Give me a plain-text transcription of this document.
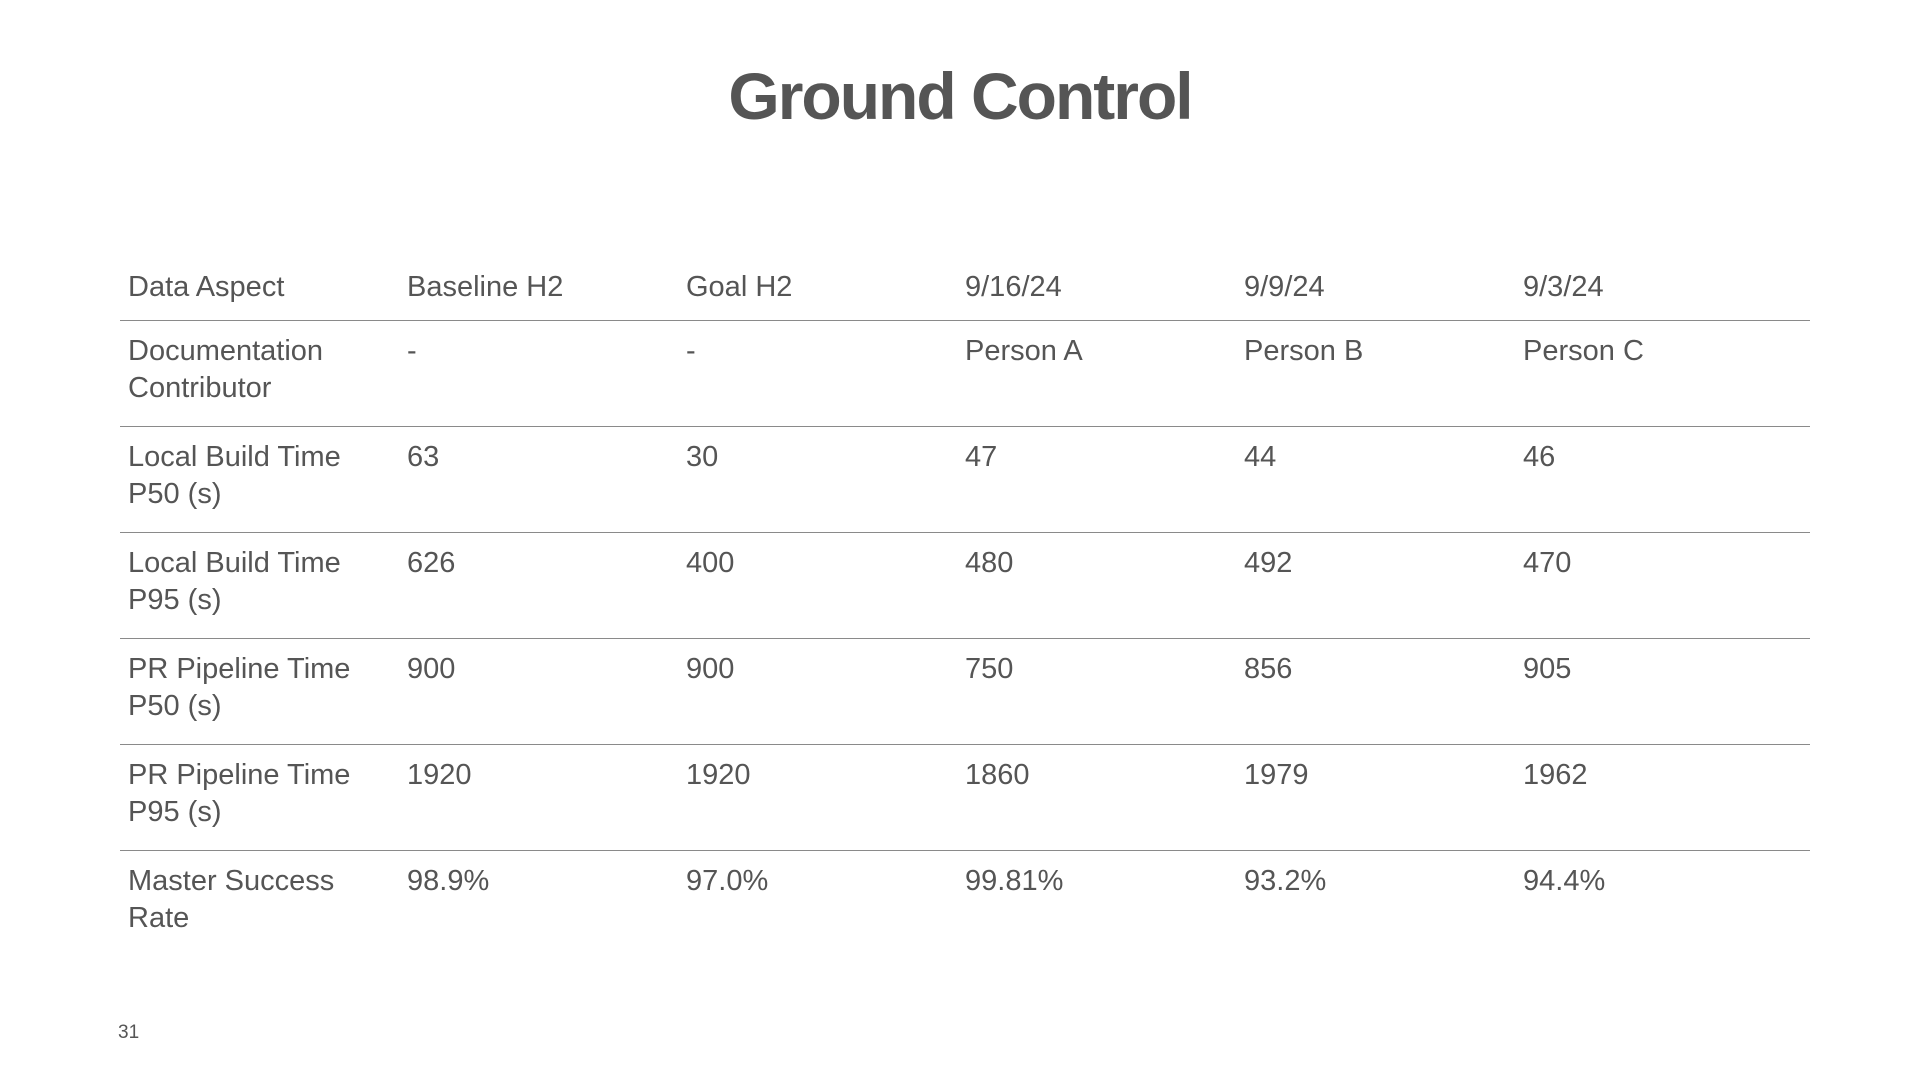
Ground Control
Data Aspect	Baseline H2	Goal H2	9/16/24	9/9/24	9/3/24
Documentation Contributor	-	-	Person A	Person B	Person C
Local Build Time P50 (s)	63	30	47	44	46
Local Build Time P95 (s)	626	400	480	492	470
PR Pipeline Time P50 (s)	900	900	750	856	905
PR Pipeline Time P95 (s)	1920	1920	1860	1979	1962
Master Success Rate	98.9%	97.0%	99.81%	93.2%	94.4%
31
